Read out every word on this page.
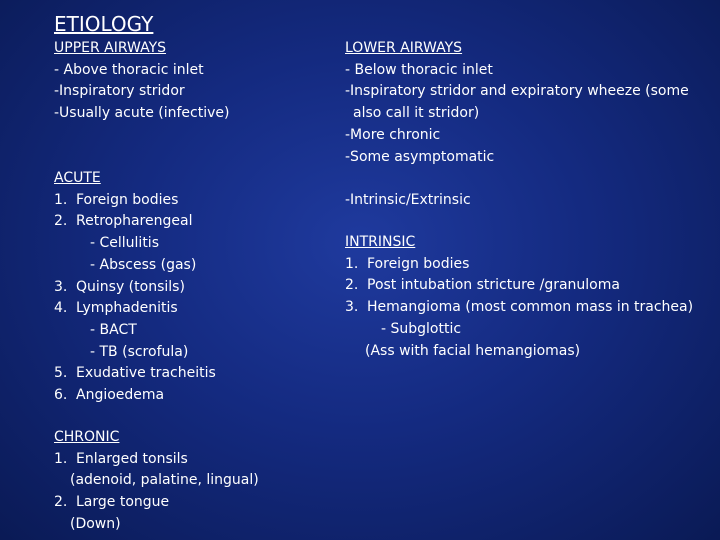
ETIOLOGY
UPPER AIRWAYS
- Above thoracic inlet
-Inspiratory stridor
-Usually acute (infective)
ACUTE
1. Foreign bodies
2. Retropharengeal
- Cellulitis
- Abscess (gas)
3. Quinsy (tonsils)
4. Lymphadenitis
- BACT
- TB (scrofula)
5. Exudative tracheitis
6. Angioedema
CHRONIC
1. Enlarged tonsils
(adenoid, palatine, lingual)
2. Large tongue
(Down)
LOWER AIRWAYS
- Below thoracic inlet
-Inspiratory stridor and expiratory wheeze (some
also call it stridor)
-More chronic
-Some asymptomatic
-Intrinsic/Extrinsic
INTRINSIC
1. Foreign bodies
2. Post intubation stricture /granuloma
3. Hemangioma (most common mass in trachea)
- Subglottic
(Ass with facial hemangiomas)
